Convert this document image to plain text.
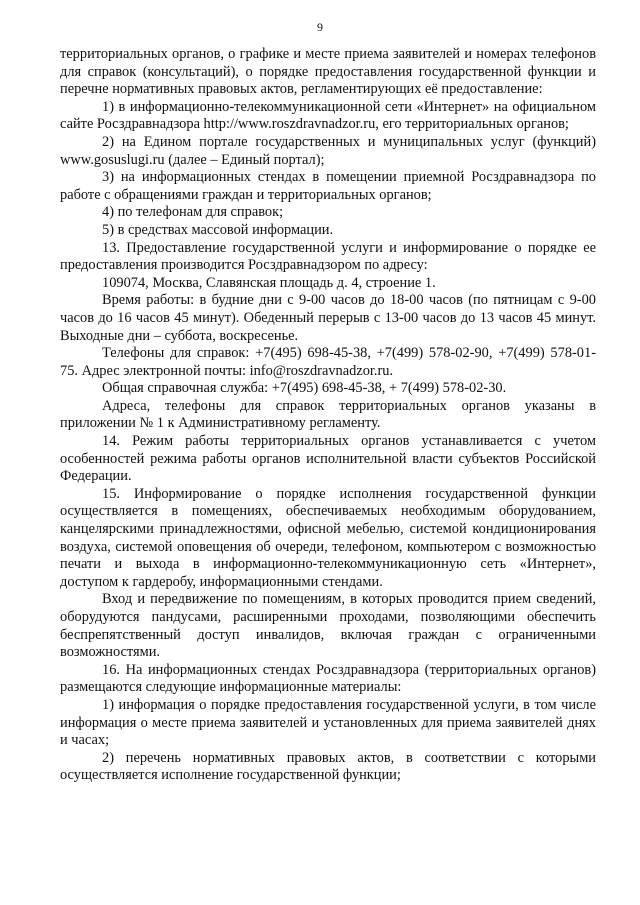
9

территориальных органов, о графике и месте приема заявителей и номерах телефонов для справок (консультаций), о порядке предоставления государственной функции и перечне нормативных правовых актов, регламентирующих её предоставление:

1) в информационно-телекоммуникационной сети «Интернет» на официальном сайте Росздравнадзора http://www.roszdravnadzor.ru, его территориальных органов;

2) на Едином портале государственных и муниципальных услуг (функций) www.gosuslugi.ru (далее – Единый портал);

3) на информационных стендах в помещении приемной Росздравнадзора по работе с обращениями граждан и территориальных органов;

4) по телефонам для справок;

5) в средствах массовой информации.

13. Предоставление государственной услуги и информирование о порядке ее предоставления производится Росздравнадзором по адресу:

109074, Москва, Славянская площадь д. 4, строение 1.

Время работы: в будние дни с 9-00 часов до 18-00 часов (по пятницам с 9-00 часов до 16 часов 45 минут). Обеденный перерыв с 13-00 часов до 13 часов 45 минут. Выходные дни – суббота, воскресенье.

Телефоны для справок: +7(495) 698-45-38, +7(499) 578-02-90, +7(499) 578-01-75. Адрес электронной почты: info@roszdravnadzor.ru.

Общая справочная служба: +7(495) 698-45-38, + 7(499) 578-02-30.

Адреса, телефоны для справок территориальных органов указаны в приложении № 1 к Административному регламенту.

14. Режим работы территориальных органов устанавливается с учетом особенностей режима работы органов исполнительной власти субъектов Российской Федерации.

15. Информирование о порядке исполнения государственной функции осуществляется в помещениях, обеспечиваемых необходимым оборудованием, канцелярскими принадлежностями, офисной мебелью, системой кондиционирования воздуха, системой оповещения об очереди, телефоном, компьютером с возможностью печати и выхода в информационно-телекоммуникационную сеть «Интернет», доступом к гардеробу, информационными стендами.

Вход и передвижение по помещениям, в которых проводится прием сведений, оборудуются пандусами, расширенными проходами, позволяющими обеспечить беспрепятственный доступ инвалидов, включая граждан с ограниченными возможностями.

16. На информационных стендах Росздравнадзора (территориальных органов) размещаются следующие информационные материалы:

1) информация о порядке предоставления государственной услуги, в том числе информация о месте приема заявителей и установленных для приема заявителей днях и часах;

2) перечень нормативных правовых актов, в соответствии с которыми осуществляется исполнение государственной функции;
